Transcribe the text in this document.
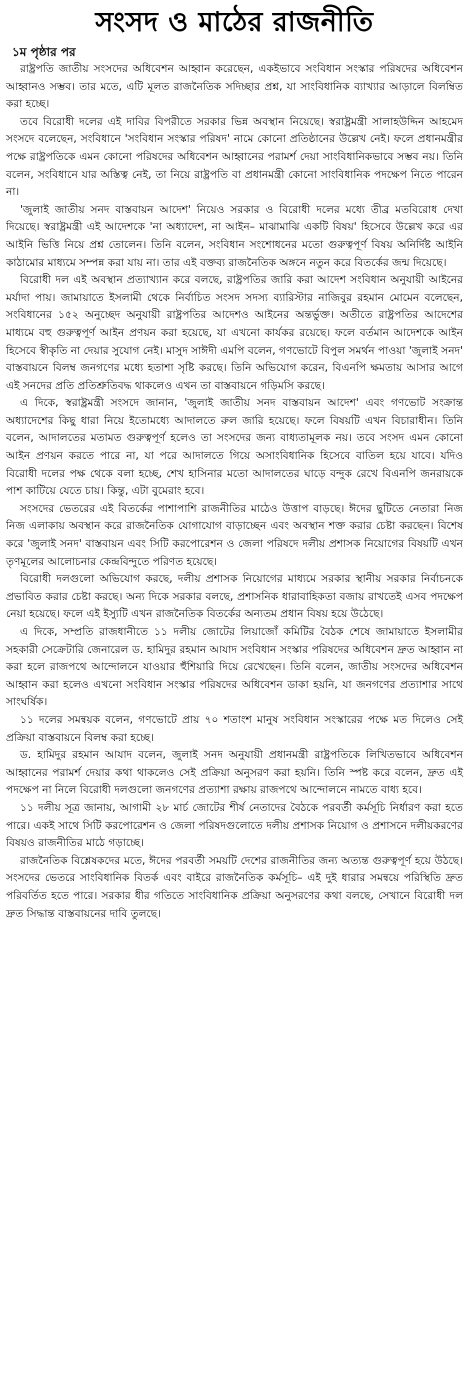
সংসদ ও মাঠের রাজনীতি
১ম পৃষ্ঠার পর

রাষ্ট্রপতি জাতীয় সংসদের অধিবেশন আহ্বান করেছেন, একইভাবে সংবিধান সংস্কার পরিষদের অধিবেশন আহ্বানও সম্ভব। তার মতে, এটি মূলত রাজনৈতিক সদিচ্ছার প্রশ্ন, যা সাংবিধানিক ব্যাখ্যার আড়ালে বিলম্বিত করা হচ্ছে।

তবে বিরোধী দলের এই দাবির বিপরীতে সরকার ভিন্ন অবস্থান নিয়েছে। স্বরাষ্ট্রমন্ত্রী সালাহউদ্দিন আহমেদ সংসদে বলেছেন, সংবিধানে 'সংবিধান সংস্কার পরিষদ' নামে কোনো প্রতিষ্ঠানের উল্লেখ নেই। ফলে প্রধানমন্ত্রীর পক্ষে রাষ্ট্রপতিকে এমন কোনো পরিষদের অধিবেশন আহ্বানের পরামর্শ দেয়া সাংবিধানিকভাবে সম্ভব নয়। তিনি বলেন, সংবিধানে যার অস্তিত্ব নেই, তা নিয়ে রাষ্ট্রপতি বা প্রধানমন্ত্রী কোনো সাংবিধানিক পদক্ষেপ নিতে পারেন না।

'জুলাই জাতীয় সনদ বাস্তবায়ন আদেশ' নিয়েও সরকার ও বিরোধী দলের মধ্যে তীব্র মতবিরোধ দেখা দিয়েছে। স্বরাষ্ট্রমন্ত্রী এই আদেশকে 'না অধ্যাদেশ, না আইন– মাঝামাঝি একটি বিষয়' হিসেবে উল্লেখ করে এর আইনি ভিত্তি নিয়ে প্রশ্ন তোলেন। তিনি বলেন, সংবিধান সংশোধনের মতো গুরুত্বপূর্ণ বিষয় অনির্দিষ্ট আইনি কাঠামোর মাধ্যমে সম্পন্ন করা যায় না। তার এই বক্তব্য রাজনৈতিক অঙ্গনে নতুন করে বিতর্কের জন্ম দিয়েছে।

বিরোধী দল এই অবস্থান প্রত্যাখ্যান করে বলছে, রাষ্ট্রপতির জারি করা আদেশ সংবিধান অনুযায়ী আইনের মর্যাদা পায়। জামায়াতে ইসলামী থেকে নির্বাচিত সংসদ সদস্য ব্যারিস্টার নাজিবুর রহমান মোমেন বলেছেন, সংবিধানের ১৫২ অনুচ্ছেদ অনুযায়ী রাষ্ট্রপতির আদেশও আইনের অন্তর্ভুক্ত। অতীতে রাষ্ট্রপতির আদেশের মাধ্যমে বহু গুরুত্বপূর্ণ আইন প্রণয়ন করা হয়েছে, যা এখনো কার্যকর রয়েছে। ফলে বর্তমান আদেশকে আইন হিসেবে স্বীকৃতি না দেয়ার সুযোগ নেই। মাসুদ সাঈদী এমপি বলেন, গণভোটে বিপুল সমর্থন পাওয়া 'জুলাই সনদ' বাস্তবায়নে বিলম্ব জনগণের মধ্যে হতাশা সৃষ্টি করছে। তিনি অভিযোগ করেন, বিএনপি ক্ষমতায় আসার আগে এই সনদের প্রতি প্রতিশ্রুতিবদ্ধ থাকলেও এখন তা বাস্তবায়নে গড়িমসি করছে।

এ দিকে, স্বরাষ্ট্রমন্ত্রী সংসদে জানান, 'জুলাই জাতীয় সনদ বাস্তবায়ন আদেশ' এবং গণভোট সংক্রান্ত অধ্যাদেশের কিছু ধারা নিয়ে ইতোমধ্যে আদালতে রুল জারি হয়েছে। ফলে বিষয়টি এখন বিচারাধীন। তিনি বলেন, আদালতের মতামত গুরুত্বপূর্ণ হলেও তা সংসদের জন্য বাধ্যতামূলক নয়। তবে সংসদ এমন কোনো আইন প্রণয়ন করতে পারে না, যা পরে আদালতে গিয়ে অসাংবিধানিক হিসেবে বাতিল হয়ে যাবে। যদিও বিরোধী দলের পক্ষ থেকে বলা হচ্ছে, শেখ হাসিনার মতো আদালতের ঘাড়ে বন্দুক রেখে বিএনপি জনরায়কে পাশ কাটিয়ে যেতে চায়। কিন্তু, এটা বুমেরাং হবে।

সংসদের ভেতরের এই বিতর্কের পাশাপাশি রাজনীতির মাঠেও উত্তাপ বাড়ছে। ঈদের ছুটিতে নেতারা নিজ নিজ এলাকায় অবস্থান করে রাজনৈতিক যোগাযোগ বাড়াচ্ছেন এবং অবস্থান শক্ত করার চেষ্টা করছেন। বিশেষ করে 'জুলাই সনদ' বাস্তবায়ন এবং সিটি করপোরেশন ও জেলা পরিষদে দলীয় প্রশাসক নিয়োগের বিষয়টি এখন তৃণমূলের আলোচনার কেন্দ্রবিন্দুতে পরিণত হয়েছে।

বিরোধী দলগুলো অভিযোগ করছে, দলীয় প্রশাসক নিয়োগের মাধ্যমে সরকার স্থানীয় সরকার নির্বাচনকে প্রভাবিত করার চেষ্টা করছে। অন্য দিকে সরকার বলছে, প্রশাসনিক ধারাবাহিকতা বজায় রাখতেই এসব পদক্ষেপ নেয়া হয়েছে। ফলে এই ইস্যুটি এখন রাজনৈতিক বিতর্কের অন্যতম প্রধান বিষয় হয়ে উঠেছে।

এ দিকে, সম্প্রতি রাজধানীতে ১১ দলীয় জোটের লিয়াজোঁ কমিটির বৈঠক শেষে জামায়াতে ইসলামীর সহকারী সেক্রেটারি জেনারেল ড. হামিদুর রহমান আযাদ সংবিধান সংস্কার পরিষদের অধিবেশন দ্রুত আহ্বান না করা হলে রাজপথে আন্দোলনে যাওয়ার হুঁশিয়ারি দিয়ে রেখেছেন। তিনি বলেন, জাতীয় সংসদের অধিবেশন আহ্বান করা হলেও এখনো সংবিধান সংস্কার পরিষদের অধিবেশন ডাকা হয়নি, যা জনগণের প্রত্যাশার সাথে সাংঘর্ষিক।

১১ দলের সমন্বয়ক বলেন, গণভোটে প্রায় ৭০ শতাংশ মানুষ সংবিধান সংস্কারের পক্ষে মত দিলেও সেই প্রক্রিয়া বাস্তবায়নে বিলম্ব করা হচ্ছে।

ড. হামিদুর রহমান আযাদ বলেন, জুলাই সনদ অনুযায়ী প্রধানমন্ত্রী রাষ্ট্রপতিকে লিখিতভাবে অধিবেশন আহ্বানের পরামর্শ দেয়ার কথা থাকলেও সেই প্রক্রিয়া অনুসরণ করা হয়নি। তিনি স্পষ্ট করে বলেন, দ্রুত এই পদক্ষেপ না নিলে বিরোধী দলগুলো জনগণের প্রত্যাশা রক্ষায় রাজপথে আন্দোলনে নামতে বাধ্য হবে।

১১ দলীয় সূত্র জানায়, আগামী ২৮ মার্চ জোটের শীর্ষ নেতাদের বৈঠকে পরবর্তী কর্মসূচি নির্ধারণ করা হতে পারে। একই সাথে সিটি করপোরেশন ও জেলা পরিষদগুলোতে দলীয় প্রশাসক নিয়োগ ও প্রশাসনে দলীয়করণের বিষয়ও রাজনীতির মাঠে গড়াচ্ছে।

রাজনৈতিক বিশ্লেষকদের মতে, ঈদের পরবর্তী সময়টি দেশের রাজনীতির জন্য অত্যন্ত গুরুত্বপূর্ণ হয়ে উঠছে। সংসদের ভেতরে সাংবিধানিক বিতর্ক এবং বাইরে রাজনৈতিক কর্মসূচি– এই দুই ধারার সমন্বয়ে পরিস্থিতি দ্রুত পরিবর্তিত হতে পারে। সরকার ধীর গতিতে সাংবিধানিক প্রক্রিয়া অনুসরণের কথা বলছে, সেখানে বিরোধী দল দ্রুত সিদ্ধান্ত বাস্তবায়নের দাবি তুলছে।
